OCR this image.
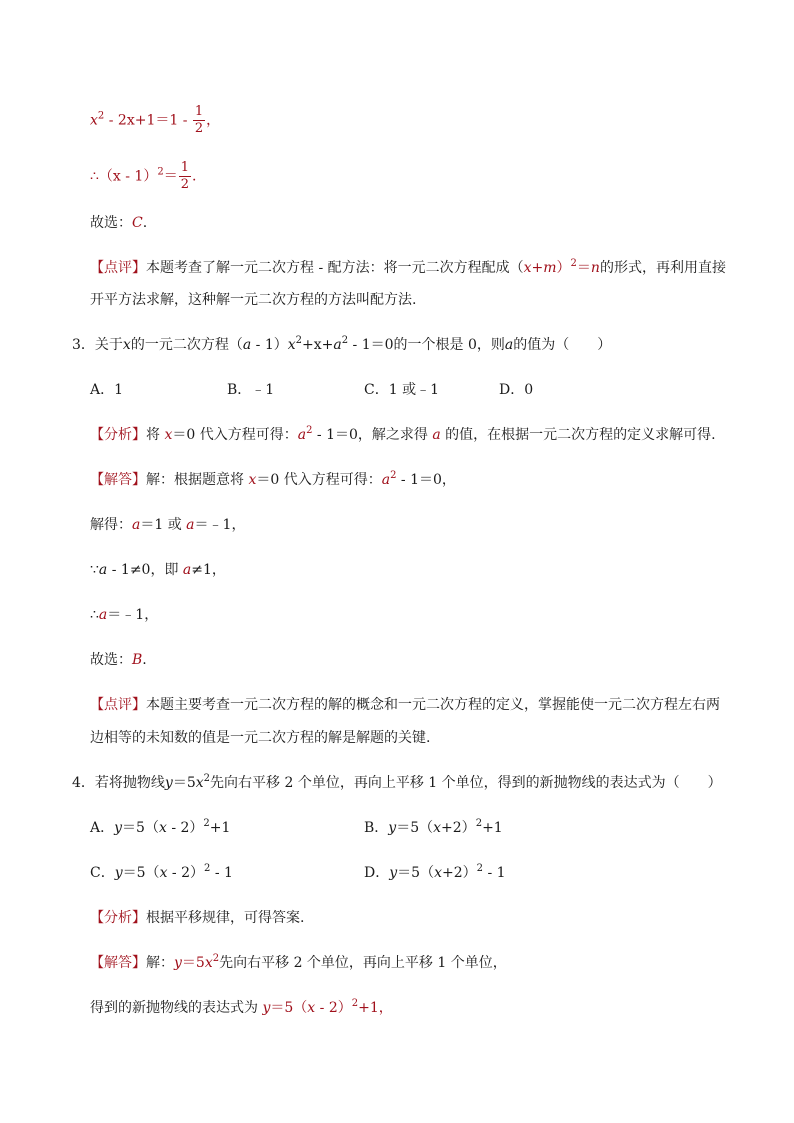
$x^2 - 2x+1=1 - \frac{1}{2}$ ，
∴（x - $1)^2= \frac{1}{2}$ .
故选：C.
【点评】本题考查了解一元二次方程 - 配方法：将一元二次方程配成$(x+m)^2=n$的形式，再利用直接
开平方法求解，这种解一元二次方程的方法叫配方法.
3．关于x的一元二次方程$(a - 1)x^2+x+a^2 - 1=0$的一个根是 0，则a的值为（　　）
A．1	B．﹣1	C．1 或﹣1	D．0
【分析】将 x＝0 代入方程可得：$a^2 - 1=0$，解之求得 a 的值，在根据一元二次方程的定义求解可得.
【解答】解：根据题意将 x＝0 代入方程可得：$a^2 - 1=0$，
解得：a＝1 或 a＝﹣1，
∵a - 1≠0，即 a≠1，
∴a＝﹣1，
故选：B.
【点评】本题主要考查一元二次方程的解的概念和一元二次方程的定义，掌握能使一元二次方程左右两
边相等的未知数的值是一元二次方程的解是解题的关键.
4．若将抛物线$y=5x^2$先向右平移 2 个单位，再向上平移 1 个单位，得到的新抛物线的表达式为（　　）
A．y＝5（x - 2）$^2$+1	B．$y=5(x+2)^2+1$
C．y＝5（x - 2）$^2$ - 1	D．$y=5(x+2)^2 - 1$
【分析】根据平移规律，可得答案.
【解答】解：$y=5x^2$先向右平移 2 个单位，再向上平移 1 个单位，
得到的新抛物线的表达式为 y＝5（x - 2）$^2$+1，
